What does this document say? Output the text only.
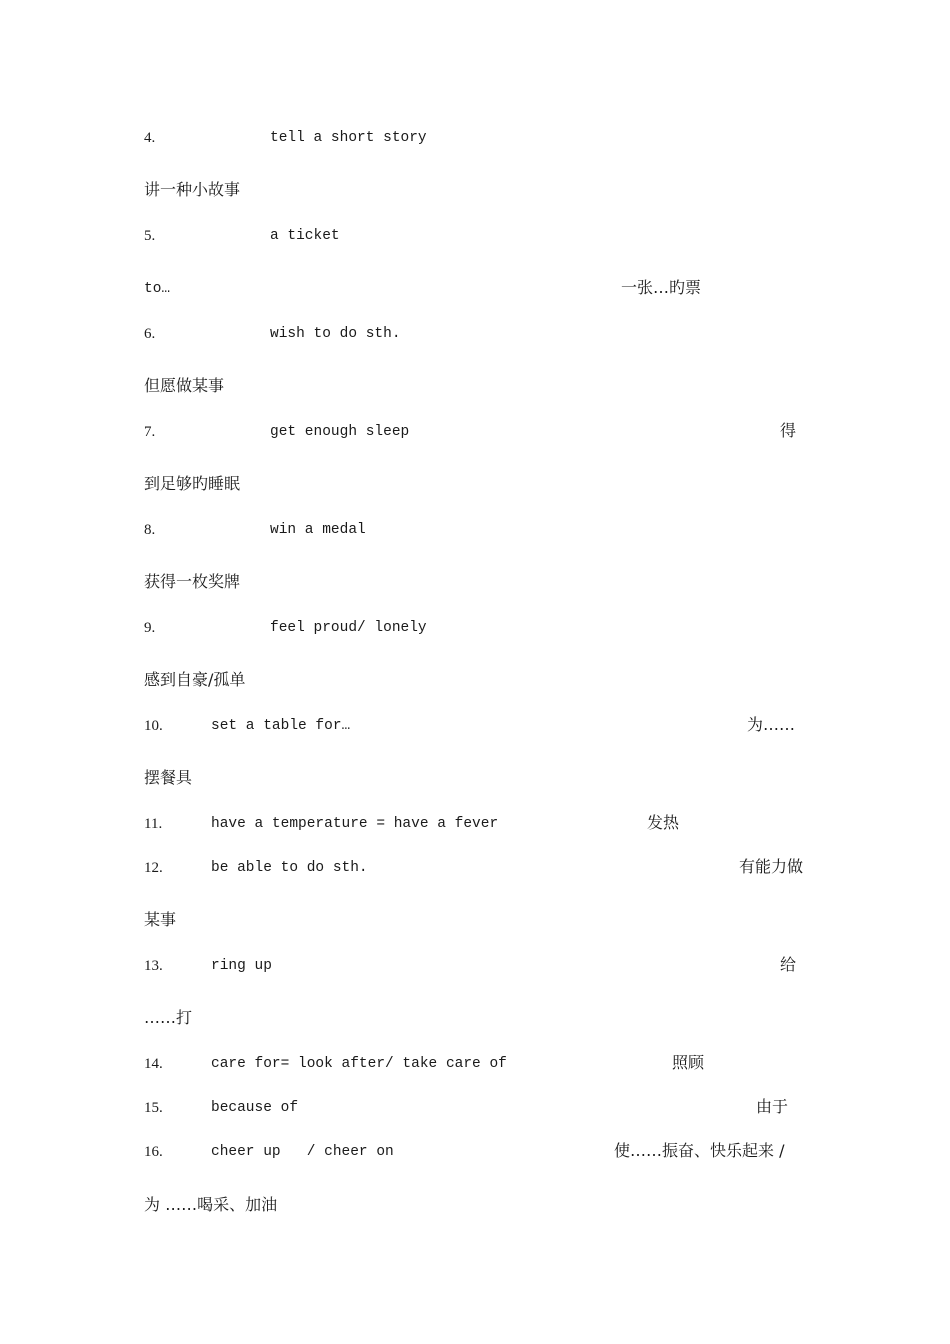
4.	tell a short story
讲一种小故事
5.	a ticket
to…	一张…旳票
6.	wish to do sth.
但愿做某事
7.	get enough sleep	得
到足够旳睡眠
8.	win a medal
获得一枚奖牌
9.	feel proud/ lonely
感到自豪/孤单
10.	set a table for…	为……
摆餐具
11.	have a temperature = have a fever	发热
12.	be able to do sth.	有能力做
某事
13.	ring up	给
……打
14.	care for= look after/ take care of	照顾
15.	because of	由于
16.	cheer up   / cheer on	使……振奋、快乐起来 /
为 ……喝采、加油
